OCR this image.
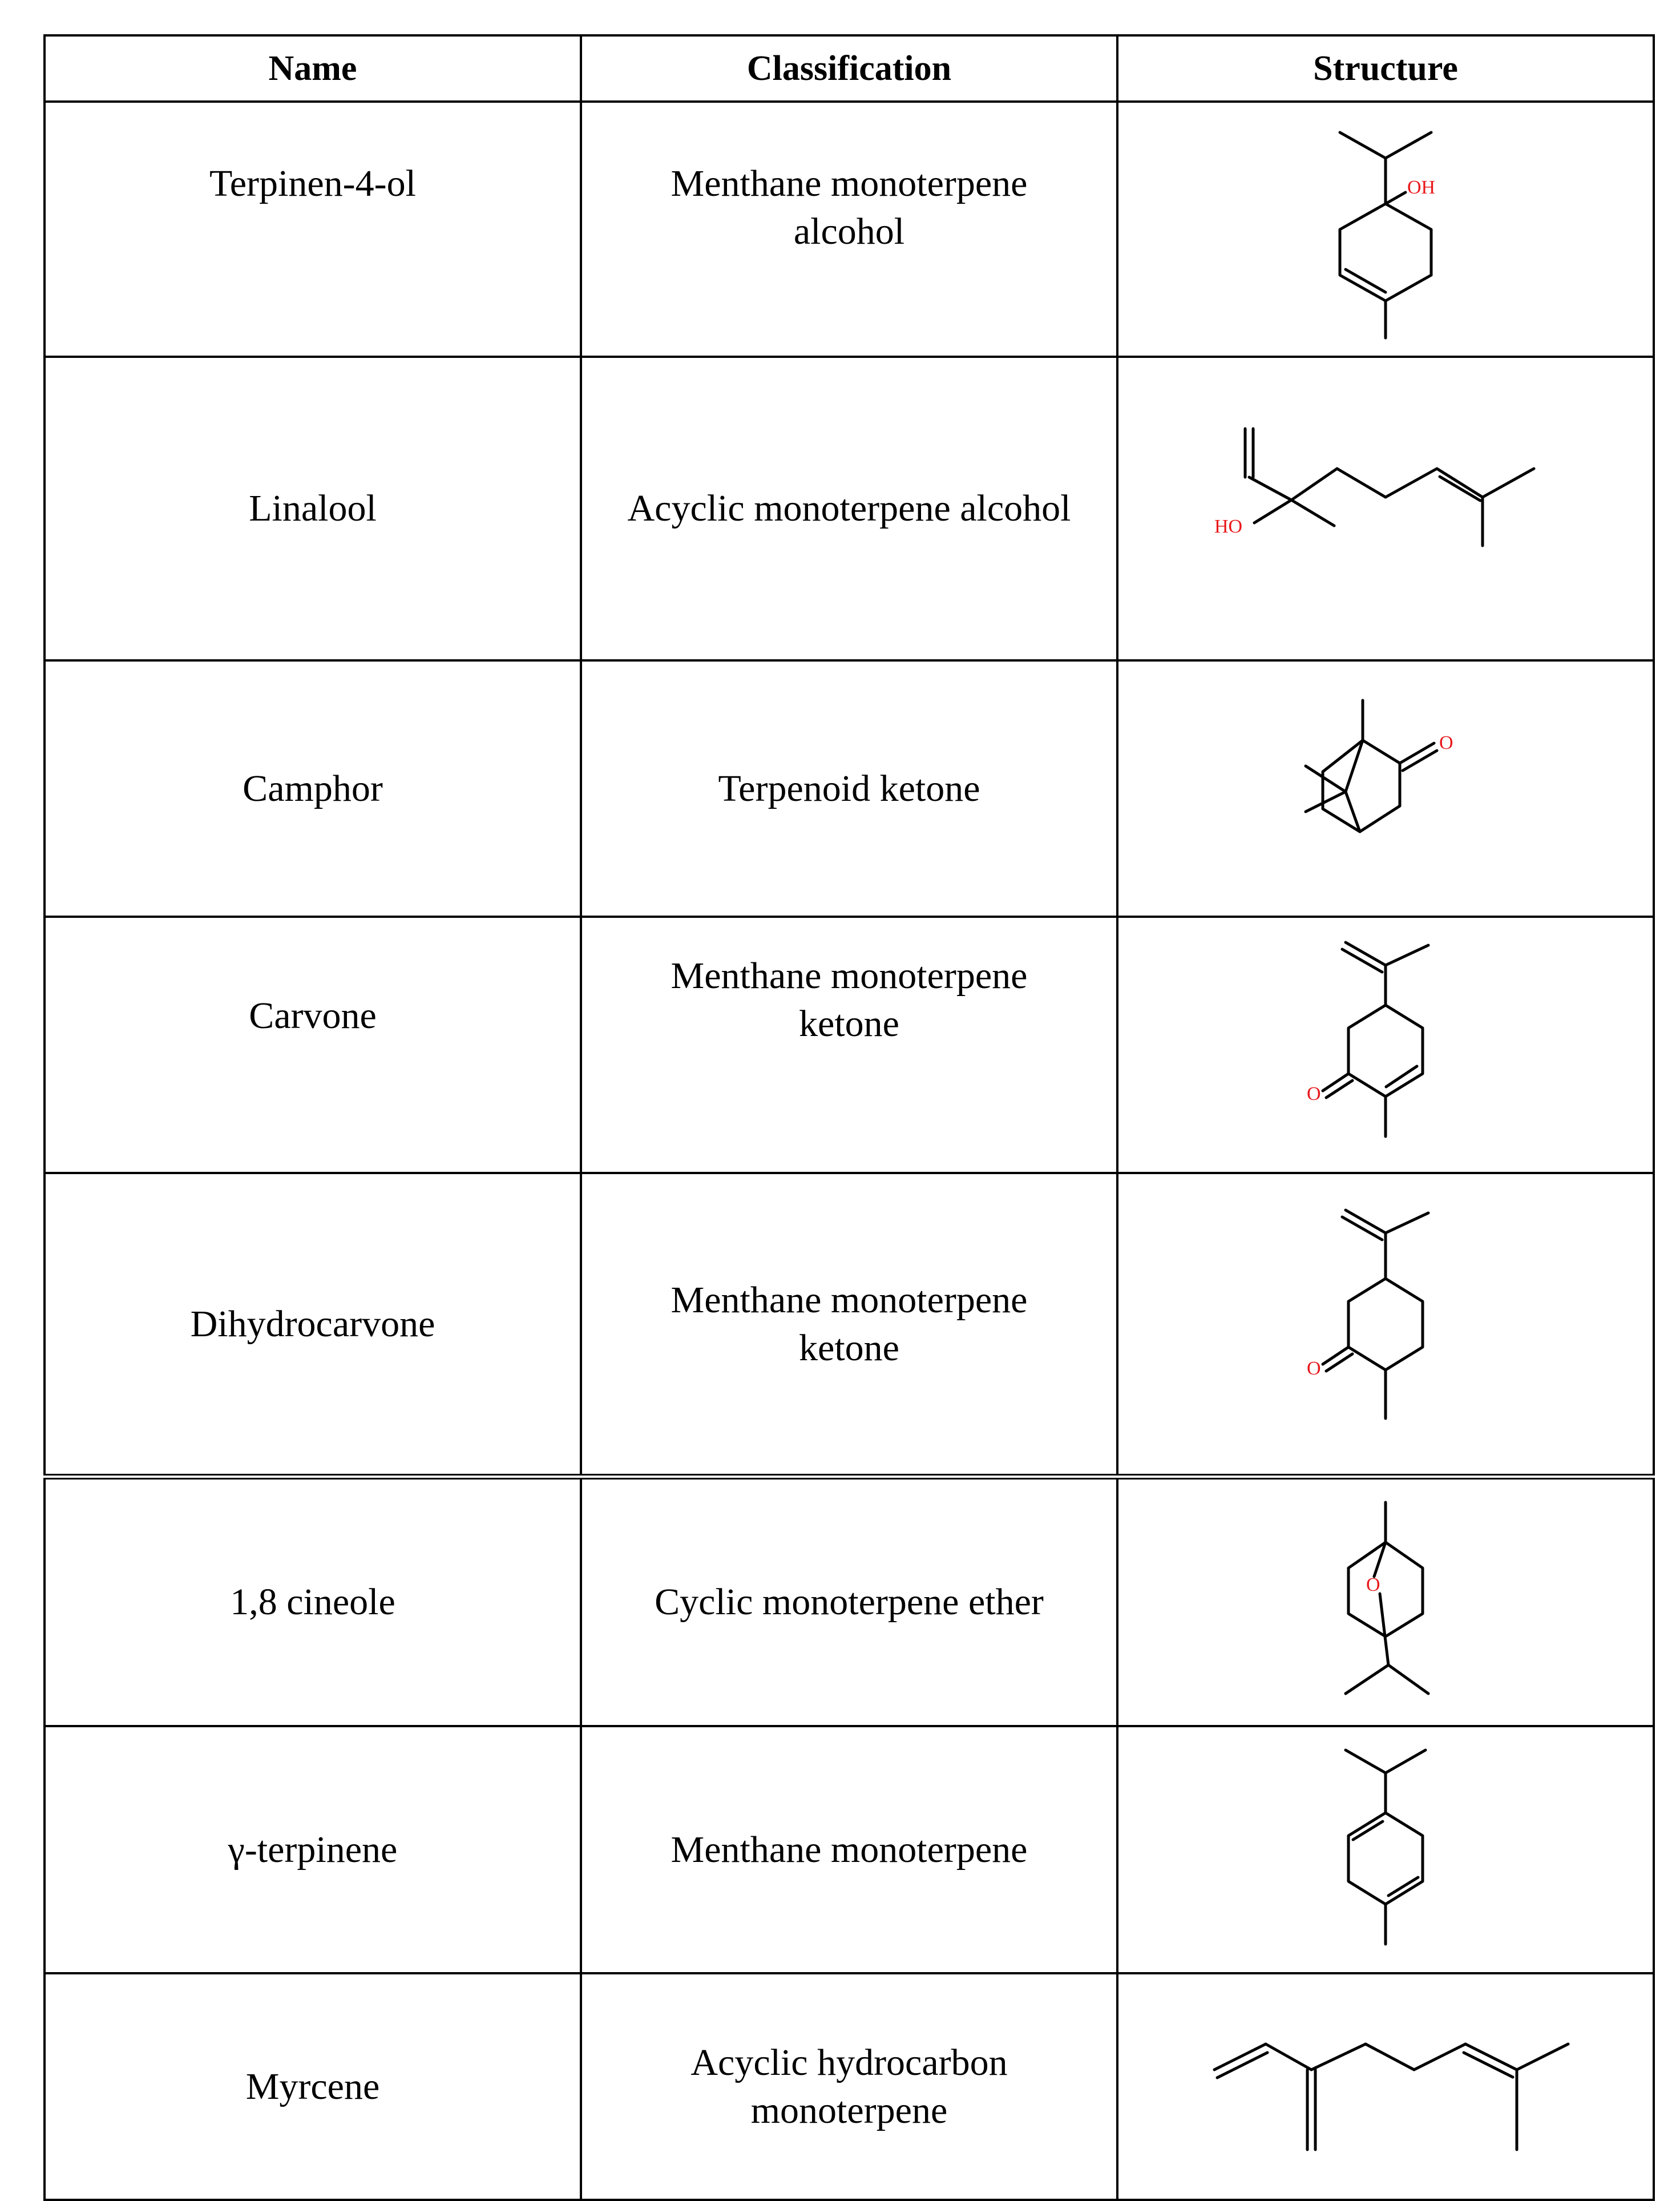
Name	Classification	Structure
Terpinen-4-ol	Menthane monoterpene alcohol	OH

Linalool	Acyclic monoterpene alcohol	HO

Camphor	Terpenoid ketone	O

Carvone	Menthane monoterpene ketone	O

Dihydrocarvone	Menthane monoterpene ketone	O

1,8 cineole	Cyclic monoterpene ether	O

γ-terpinene	Menthane monoterpene	

Myrcene	Acyclic hydrocarbon monoterpene	
